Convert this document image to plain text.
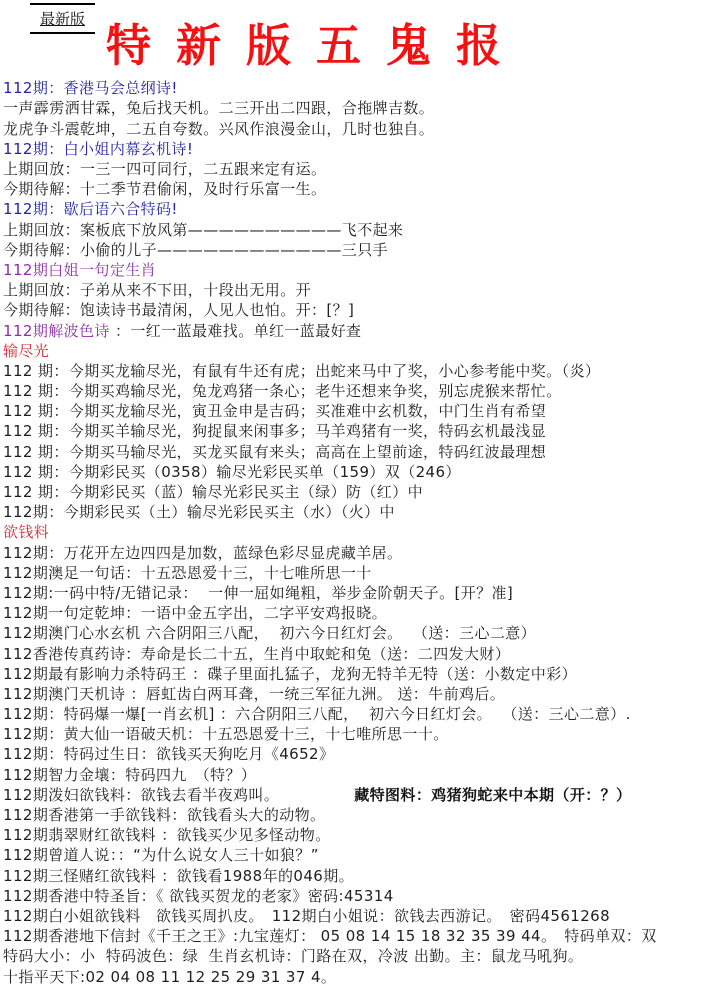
最新版 特新版五鬼报
112期：香港马会总纲诗!
一声霹雳洒甘霖，兔后找天机。二三开出二四跟，合拖牌吉数。
龙虎争斗震乾坤，二五自夸数。兴风作浪漫金山，几时也独自。
112期：白小姐内幕玄机诗!
上期回放：一三一四可同行，二五跟来定有运。
今期待解：十二季节君偷闲，及时行乐富一生。
112期：歇后语六合特码!
上期回放：案板底下放风第——————————飞不起来
今期待解：小偷的儿子————————————三只手
112期白姐一句定生肖
上期回放：子弟从来不下田，十段出无用。开
今期待解：饱读诗书最清闲，人见人也怕。开：[？]
112期解波色诗 ：一红一蓝最难找。单红一蓝最好查
输尽光
112 期：今期买龙输尽光，有鼠有牛还有虎；出蛇来马中了奖，小心参考能中奖。（炎）
112 期：今期买鸡输尽光，兔龙鸡猪一条心；老牛还想来争奖，别忘虎猴来帮忙。
112 期：今期买龙输尽光，寅丑金申是吉码；买准难中玄机数，中门生肖有希望
112 期：今期买羊输尽光，狗捉鼠来闲事多；马羊鸡猪有一奖，特码玄机最浅显
112 期：今期买马输尽光，买龙买鼠有来头；高高在上望前途，特码红波最理想
112 期：今期彩民买（0358）输尽光彩民买单（159）双（246）
112 期：今期彩民买（蓝）输尽光彩民买主（绿）防（红）中
112期：今期彩民买（土）输尽光彩民买主（水）（火）中
欲钱料
112期：万花开左边四四是加数，蓝绿色彩尽显虎藏羊居。
112期澳足一句话：十五恐恩爱十三，十七唯所思一十
112期:一码中特/无错记录：  一伸一屈如绳粗，举步金阶朝天子。[开？准]
112期一句定乾坤：一语中金五字出，二字平安鸡报晓。
112期澳门心水玄机 六合阴阳三八配，  初六今日红灯会。  （送：三心二意）
112香港传真药诗：寿命是长二十五，生肖中取蛇和兔（送：二四发大财）
112期最有影响力杀特码王 ：碟子里面扎猛子，龙狗无特羊无特（送：小数定中彩）
112期澳门天机诗 ：唇虹齿白两耳聋，一统三军征九洲。 送：牛前鸡后。
112期：特码爆一爆[一肖玄机] ：六合阴阳三八配，  初六今日红灯会。  （送：三心二意）.
112期：黄大仙一语破天机：十五恐恩爱十三，十七唯所思一十。
112期：特码过生日：欲钱买天狗吃月《4652》
112期智力金壤：特码四九　（特？）
112期泼妇欲钱料：欲钱去看半夜鸡叫。	藏特图料：鸡猪狗蛇来中本期（开：？）
112期香港第一手欲钱料：欲钱看头大的动物。
112期翡翠财红欲钱料 ：欲钱买少见多怪动物。
112期曾道人说：：“为什么说女人三十如狼？”
112期三怪赌红欲钱料 ：欲钱看1988年的046期。
112期香港中特圣旨：《 欲钱买贺龙的老家》密码:45314
112期白小姐欲钱料　欲钱买周扒皮。　112期白小姐说：欲钱去西游记。　密码4561268
112期香港地下信封《千王之王》:九宝莲灯： 05 08 14 15 18 32 35 39 44。　特码单双：双
特码大小：小  特码波色：绿  生肖玄机诗：门路在双，冷波 出勤。主：鼠龙马吼狗。
十指平天下:02 04 08 11 12 25 29 31 37 4。
